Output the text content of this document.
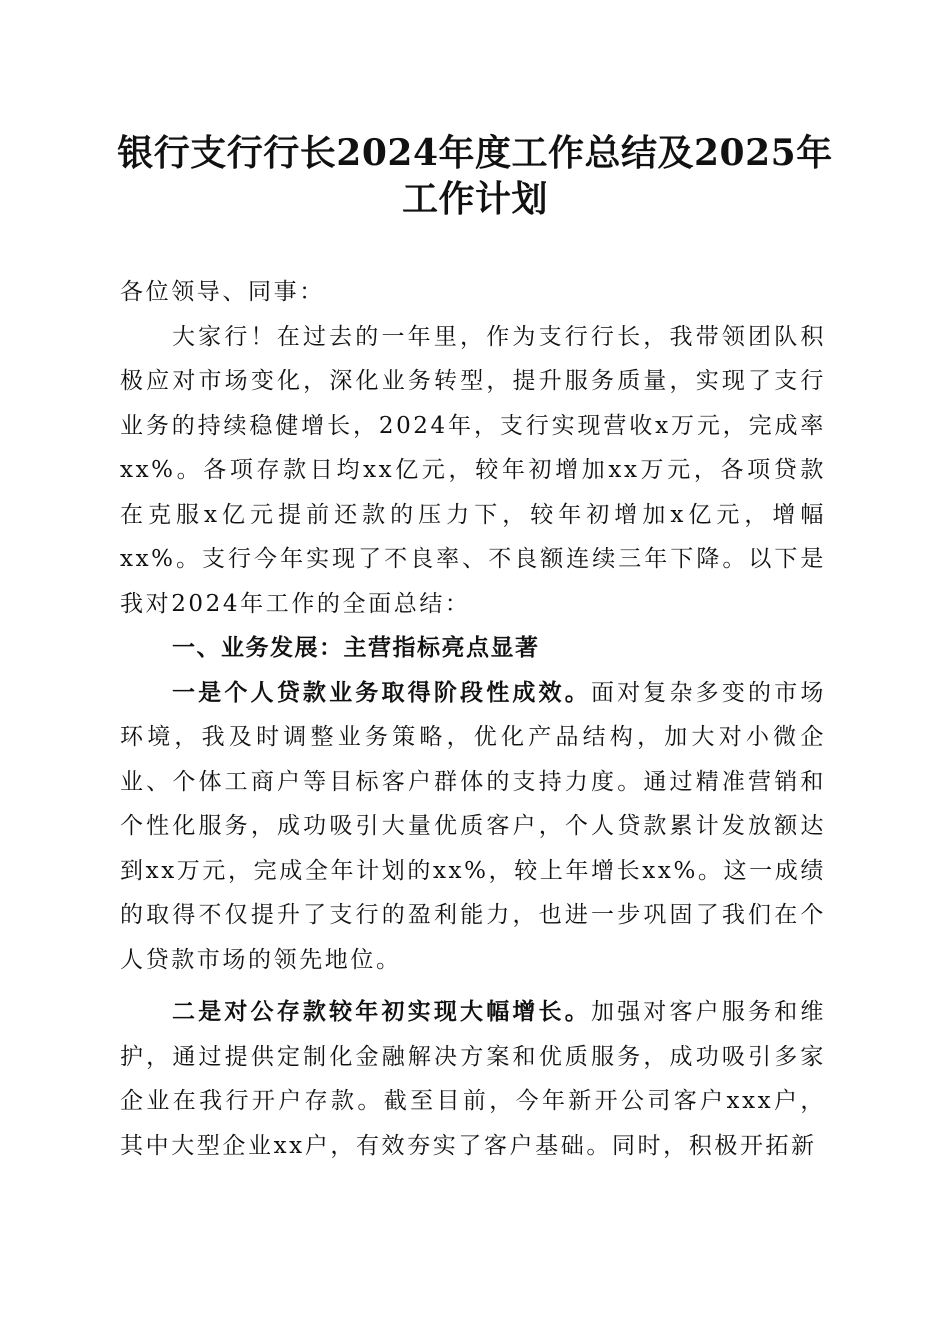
银行支行行长2024年度工作总结及2025年工作计划

各位领导、同事：

大家行！在过去的一年里，作为支行行长，我带领团队积极应对市场变化，深化业务转型，提升服务质量，实现了支行业务的持续稳健增长，2024年，支行实现营收x万元，完成率xx%。各项存款日均xx亿元，较年初增加xx万元，各项贷款在克服x亿元提前还款的压力下，较年初增加x亿元，增幅xx%。支行今年实现了不良率、不良额连续三年下降。以下是我对2024年工作的全面总结：

一、业务发展：主营指标亮点显著

一是个人贷款业务取得阶段性成效。面对复杂多变的市场环境，我及时调整业务策略，优化产品结构，加大对小微企业、个体工商户等目标客户群体的支持力度。通过精准营销和个性化服务，成功吸引大量优质客户，个人贷款累计发放额达到xx万元，完成全年计划的xx%，较上年增长xx%。这一成绩的取得不仅提升了支行的盈利能力，也进一步巩固了我们在个人贷款市场的领先地位。

二是对公存款较年初实现大幅增长。加强对客户服务和维护，通过提供定制化金融解决方案和优质服务，成功吸引多家企业在我行开户存款。截至目前，今年新开公司客户xxx户，其中大型企业xx户，有效夯实了客户基础。同时，积极开拓新
